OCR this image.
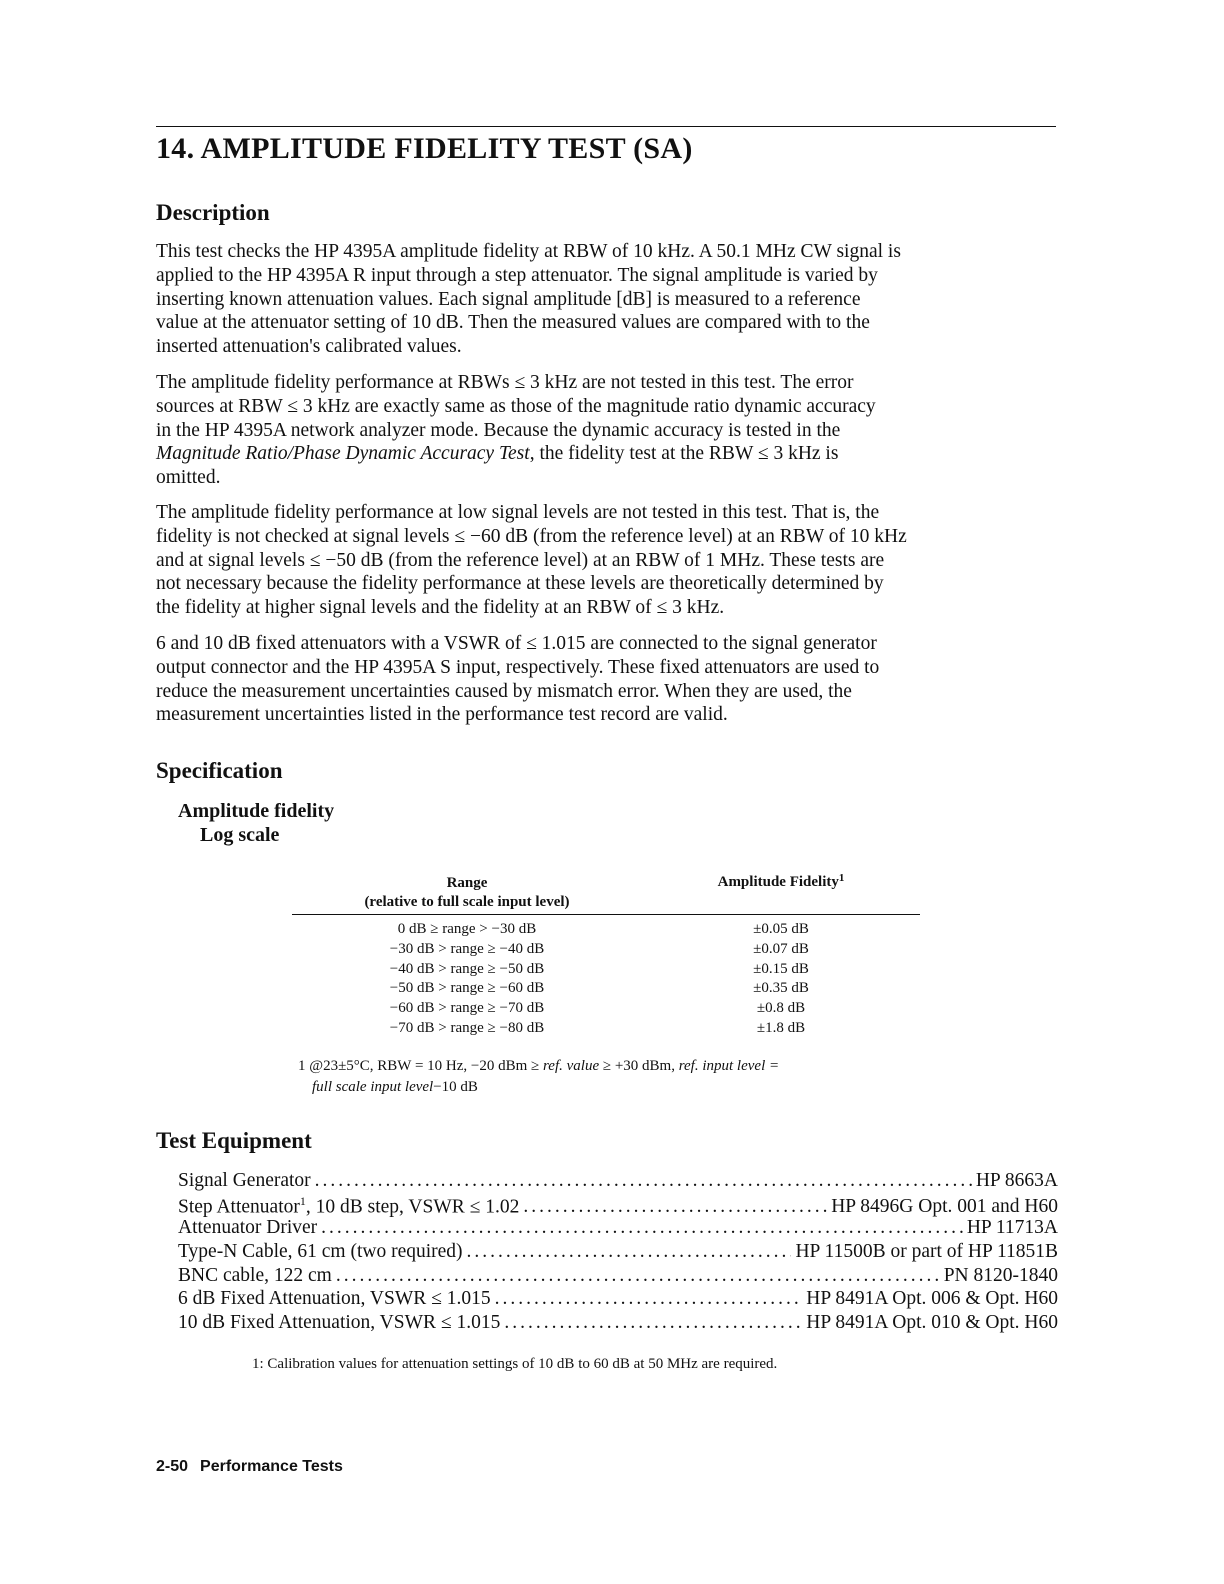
14. AMPLITUDE FIDELITY TEST (SA)
Description

This test checks the HP 4395A amplitude fidelity at RBW of 10 kHz. A 50.1 MHz CW signal is
applied to the HP 4395A R input through a step attenuator. The signal amplitude is varied by
inserting known attenuation values. Each signal amplitude [dB] is measured to a reference
value at the attenuator setting of 10 dB. Then the measured values are compared with to the
inserted attenuation's calibrated values.

The amplitude fidelity performance at RBWs ≤ 3 kHz are not tested in this test. The error
sources at RBW ≤ 3 kHz are exactly same as those of the magnitude ratio dynamic accuracy
in the HP 4395A network analyzer mode. Because the dynamic accuracy is tested in the
Magnitude Ratio/Phase Dynamic Accuracy Test, the fidelity test at the RBW ≤ 3 kHz is
omitted.

The amplitude fidelity performance at low signal levels are not tested in this test. That is, the
fidelity is not checked at signal levels ≤ −60 dB (from the reference level) at an RBW of 10 kHz
and at signal levels ≤ −50 dB (from the reference level) at an RBW of 1 MHz. These tests are
not necessary because the fidelity performance at these levels are theoretically determined by
the fidelity at higher signal levels and the fidelity at an RBW of ≤ 3 kHz.

6 and 10 dB fixed attenuators with a VSWR of ≤ 1.015 are connected to the signal generator
output connector and the HP 4395A S input, respectively. These fixed attenuators are used to
reduce the measurement uncertainties caused by mismatch error. When they are used, the
measurement uncertainties listed in the performance test record are valid.

Specification
Amplitude fidelity
Log scale
Range
(relative to full scale input level)
Amplitude Fidelity$^1$
0 dB ≥ range > −30 dB	±0.05 dB
−30 dB > range ≥ −40 dB	±0.07 dB
−40 dB > range ≥ −50 dB	±0.15 dB
−50 dB > range ≥ −60 dB	±0.35 dB
−60 dB > range ≥ −70 dB	±0.8 dB
−70 dB > range ≥ −80 dB	±1.8 dB
1 @23±5°C, RBW = 10 Hz, −20 dBm ≥ ref. value ≥ +30 dBm, ref. input level =
full scale input level−10 dB
Test Equipment
Signal Generator .....	HP 8663A
Step Attenuator$^1$, 10 dB step, VSWR ≤ 1.02 .....	HP 8496G Opt. 001 and H60
Attenuator Driver .....	HP 11713A
Type-N Cable, 61 cm (two required) .....	HP 11500B or part of HP 11851B
BNC cable, 122 cm .....	PN 8120-1840
6 dB Fixed Attenuation, VSWR ≤ 1.015 .....	HP 8491A Opt. 006 & Opt. H60
10 dB Fixed Attenuation, VSWR ≤ 1.015 .....	HP 8491A Opt. 010 & Opt. H60
1: Calibration values for attenuation settings of 10 dB to 60 dB at 50 MHz are required.
2-50 Performance Tests
